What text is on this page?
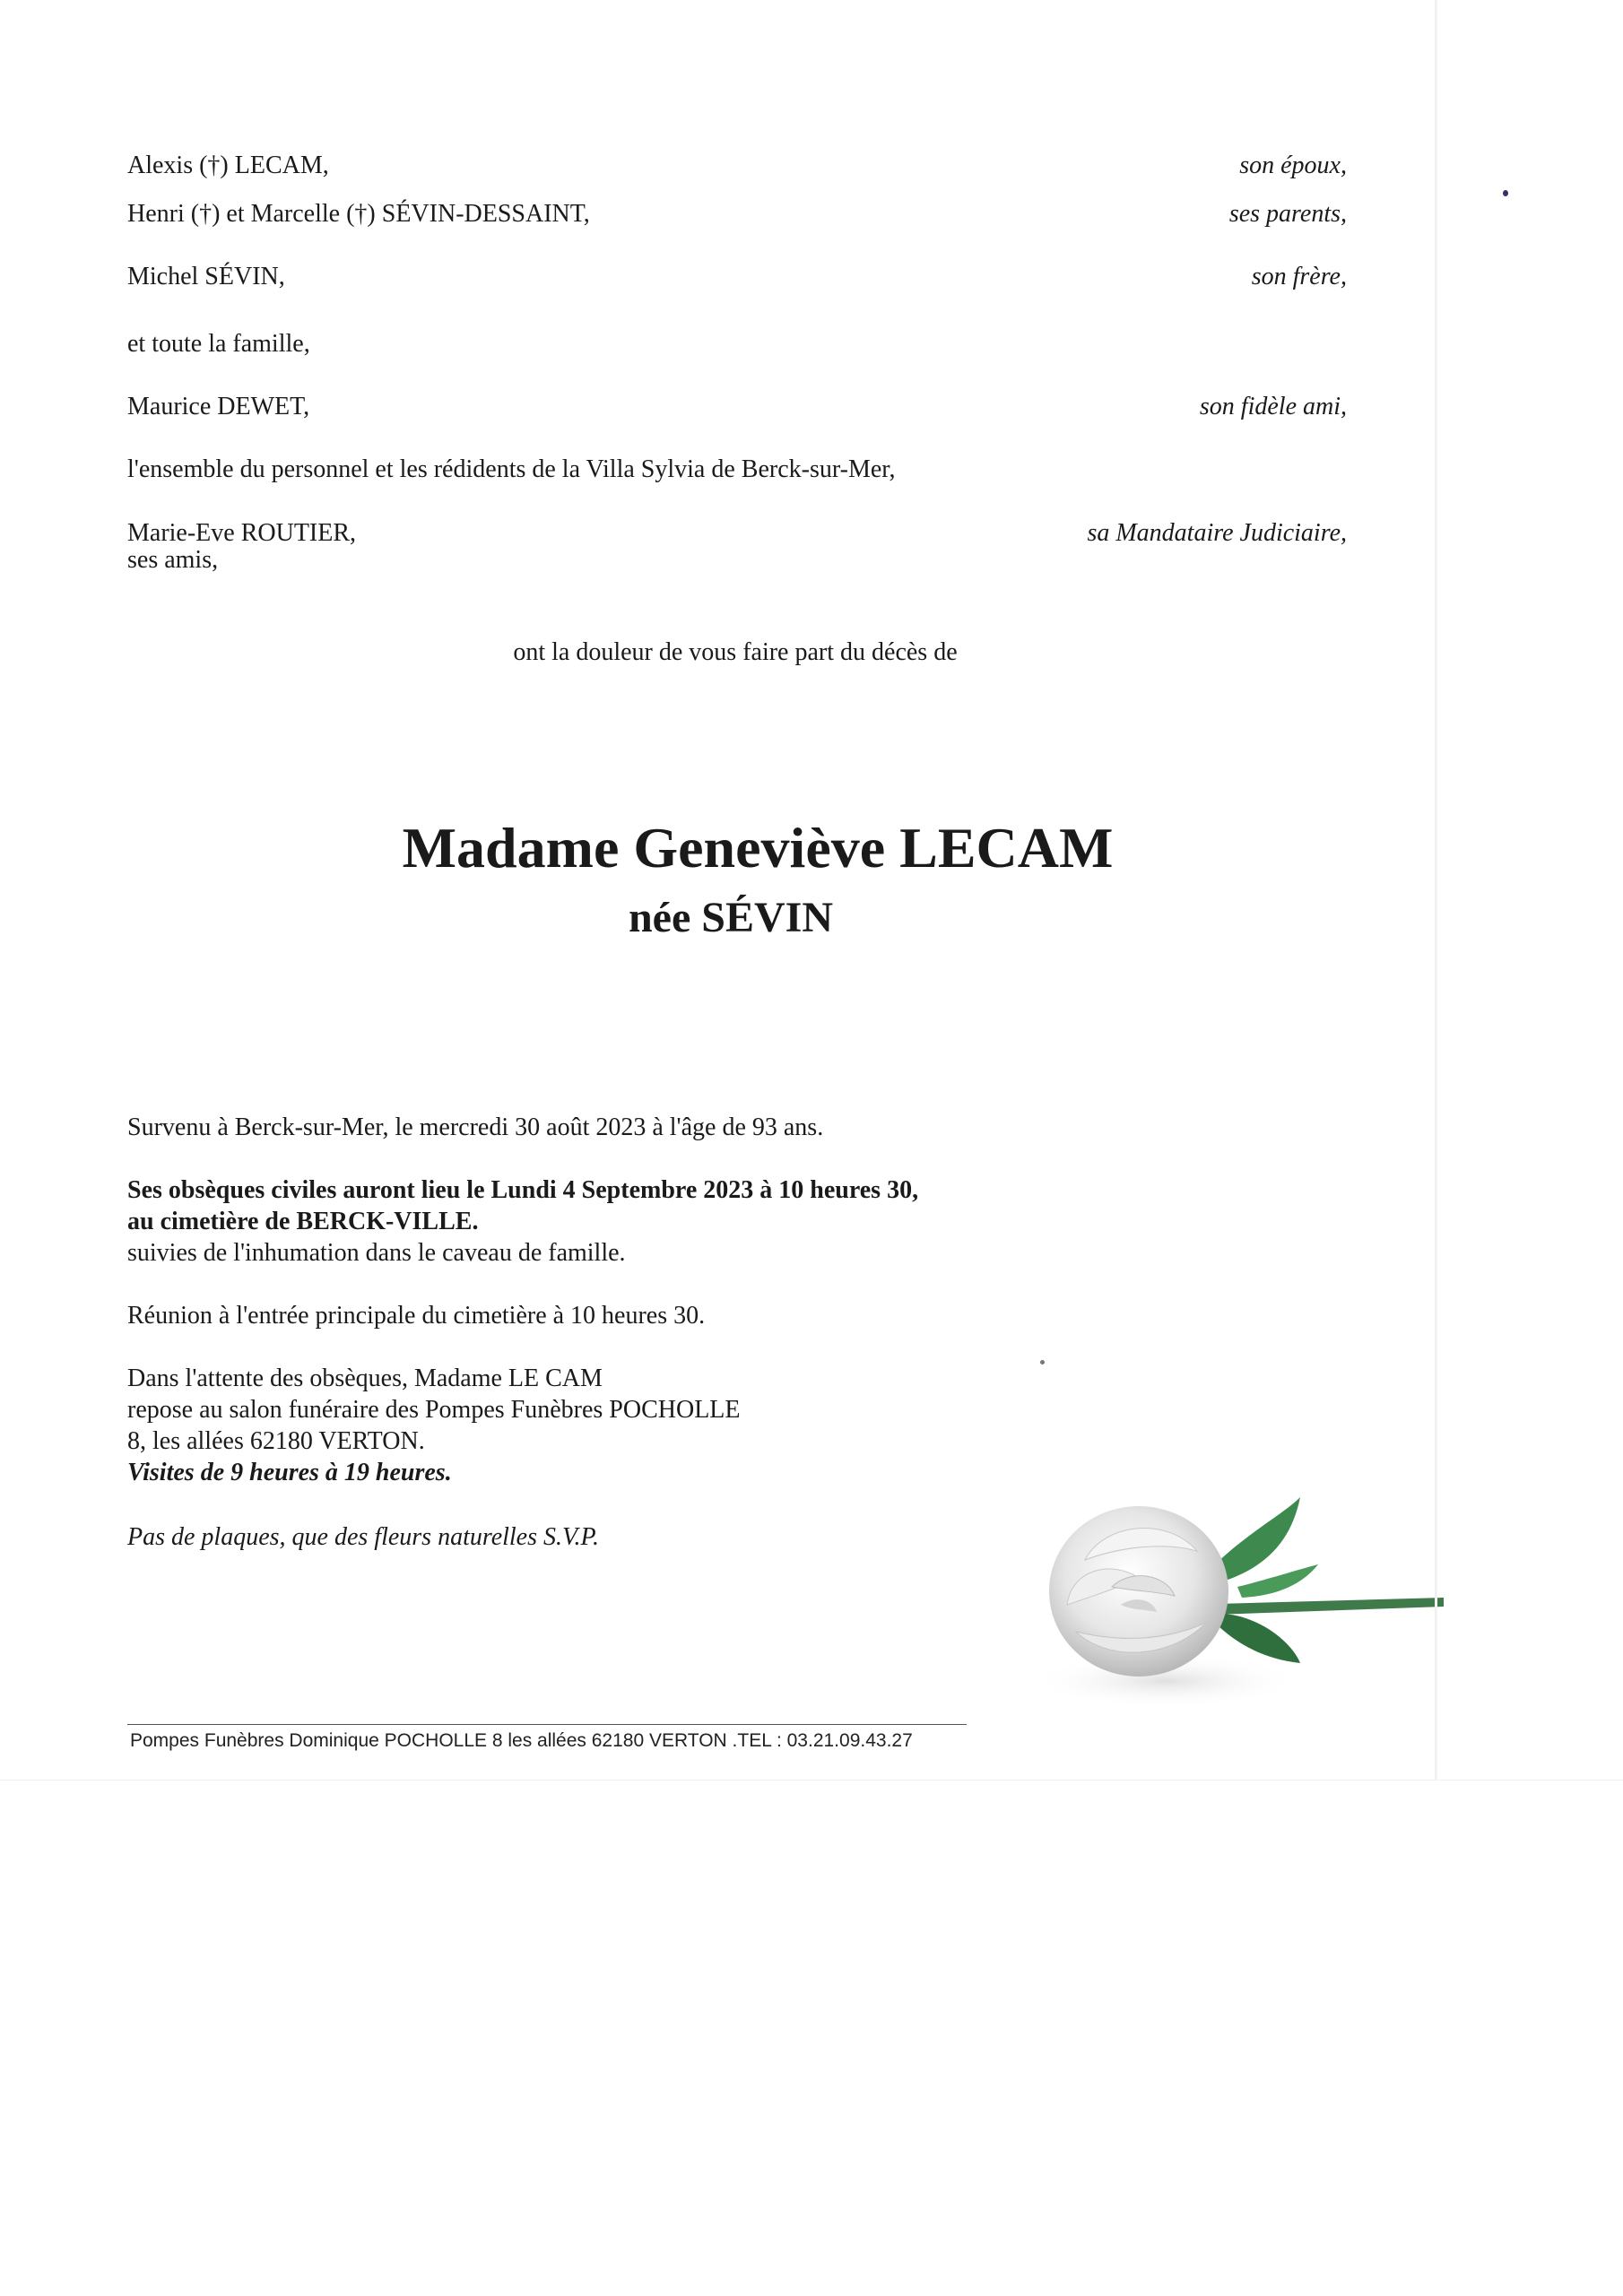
Alexis (†) LECAM,	son époux,
Henri (†) et Marcelle (†) SÉVIN-DESSAINT,	ses parents,
Michel SÉVIN,	son frère,
et toute la famille,
Maurice DEWET,	son fidèle ami,
l'ensemble du personnel et les rédidents de la Villa Sylvia de Berck-sur-Mer,
Marie-Eve ROUTIER,	sa Mandataire Judiciaire,
ses amis,
ont la douleur de vous faire part du décès de
Madame Geneviève LECAM
née SÉVIN
Survenu à Berck-sur-Mer, le mercredi 30 août 2023 à l'âge de 93 ans.
Ses obsèques civiles auront lieu le Lundi 4 Septembre 2023 à 10 heures 30,
au cimetière de BERCK-VILLE.
suivies de l'inhumation dans le caveau de famille.
Réunion à l'entrée principale du cimetière à 10 heures 30.
Dans l'attente des obsèques, Madame LE CAM
repose au salon funéraire des Pompes Funèbres POCHOLLE
8, les allées 62180 VERTON.
Visites de 9 heures à 19 heures.
Pas de plaques, que des fleurs naturelles S.V.P.
Pompes Funèbres Dominique POCHOLLE 8 les allées 62180 VERTON .TEL : 03.21.09.43.27
